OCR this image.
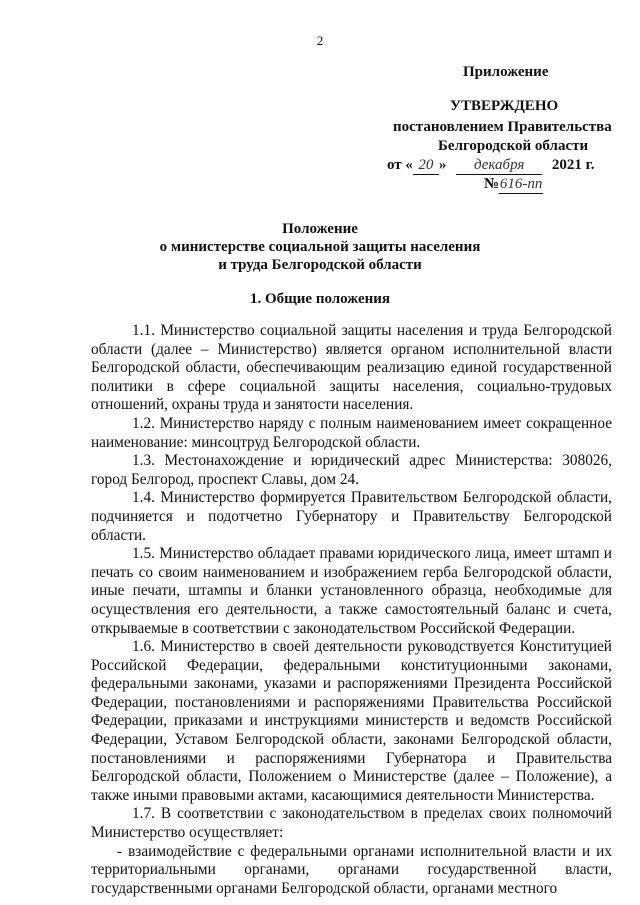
2
Приложение
УТВЕРЖДЕНО
постановлением Правительства
Белгородской области
от « 20 » декабря 2021 г.
№616-пп
Положение
о министерстве социальной защиты населения
и труда Белгородской области
1. Общие положения

1.1. Министерство социальной защиты населения и труда Белгородской области (далее – Министерство) является органом исполнительной власти Белгородской области, обеспечивающим реализацию единой государственной политики в сфере социальной защиты населения, социально-трудовых отношений, охраны труда и занятости населения.

1.2. Министерство наряду с полным наименованием имеет сокращенное наименование: минсоцтруд Белгородской области.

1.3. Местонахождение и юридический адрес Министерства: 308026, город Белгород, проспект Славы, дом 24.

1.4. Министерство формируется Правительством Белгородской области, подчиняется и подотчетно Губернатору и Правительству Белгородской области.

1.5. Министерство обладает правами юридического лица, имеет штамп и печать со своим наименованием и изображением герба Белгородской области, иные печати, штампы и бланки установленного образца, необходимые для осуществления его деятельности, а также самостоятельный баланс и счета, открываемые в соответствии с законодательством Российской Федерации.

1.6. Министерство в своей деятельности руководствуется Конституцией Российской Федерации, федеральными конституционными законами, федеральными законами, указами и распоряжениями Президента Российской Федерации, постановлениями и распоряжениями Правительства Российской Федерации, приказами и инструкциями министерств и ведомств Российской Федерации, Уставом Белгородской области, законами Белгородской области, постановлениями и распоряжениями Губернатора и Правительства Белгородской области, Положением о Министерстве (далее – Положение), а также иными правовыми актами, касающимися деятельности Министерства.

1.7. В соответствии с законодательством в пределах своих полномочий Министерство осуществляет:

- взаимодействие с федеральными органами исполнительной власти и их территориальными органами, органами государственной власти, государственными органами Белгородской области, органами местного
